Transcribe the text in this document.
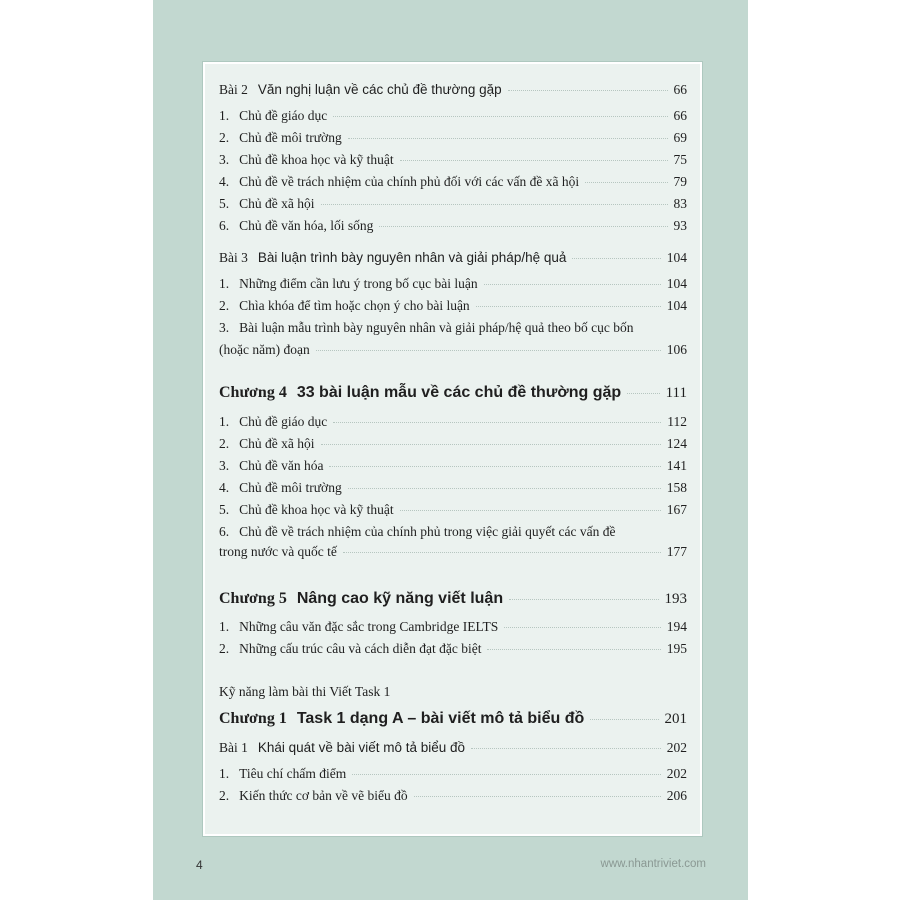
Bài 2 Văn nghị luận về các chủ đề thường gặp	66
1. Chủ đề giáo dục	66
2. Chủ đề môi trường	69
3. Chủ đề khoa học và kỹ thuật	75
4. Chủ đề về trách nhiệm của chính phủ đối với các vấn đề xã hội	79
5. Chủ đề xã hội	83
6. Chủ đề văn hóa, lối sống	93
Bài 3 Bài luận trình bày nguyên nhân và giải pháp/hệ quả	104
1. Những điểm cần lưu ý trong bố cục bài luận	104
2. Chìa khóa để tìm hoặc chọn ý cho bài luận	104
3. Bài luận mẫu trình bày nguyên nhân và giải pháp/hệ quả theo bố cục bốn
(hoặc năm) đoạn	106
Chương 4 33 bài luận mẫu về các chủ đề thường gặp	111
1. Chủ đề giáo dục	112
2. Chủ đề xã hội	124
3. Chủ đề văn hóa	141
4. Chủ đề môi trường	158
5. Chủ đề khoa học và kỹ thuật	167
6. Chủ đề về trách nhiệm của chính phủ trong việc giải quyết các vấn đề
trong nước và quốc tế	177
Chương 5 Nâng cao kỹ năng viết luận	193
1. Những câu văn đặc sắc trong Cambridge IELTS	194
2. Những cấu trúc câu và cách diễn đạt đặc biệt	195
Kỹ năng làm bài thi Viết Task 1
Chương 1 Task 1 dạng A – bài viết mô tả biểu đồ	201
Bài 1 Khái quát về bài viết mô tả biểu đồ	202
1. Tiêu chí chấm điểm	202
2. Kiến thức cơ bản về vẽ biểu đồ	206
4	www.nhantriviet.com
